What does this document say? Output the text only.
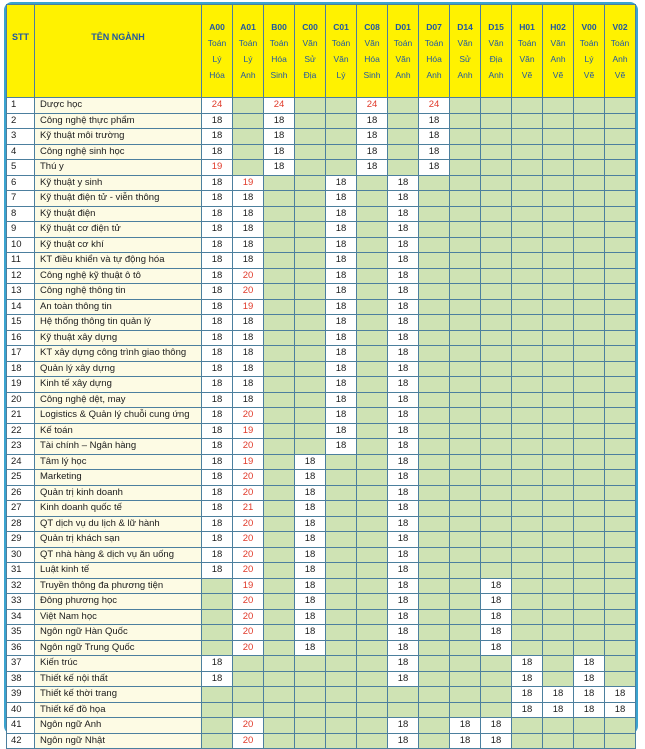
STT	TÊN NGÀNH	A00
Toán
Lý
Hóa	A01
Toán
Lý
Anh	B00
Toán
Hóa
Sinh	C00
Văn
Sử
Địa	C01
Toán
Văn
Lý	C08
Văn
Hóa
Sinh	D01
Toán
Văn
Anh	D07
Toán
Hóa
Anh	D14
Văn
Sử
Anh	D15
Văn
Địa
Anh	H01
Toán
Văn
Vẽ	H02
Văn
Anh
Vẽ	V00
Toán
Lý
Vẽ	V02
Toán
Anh
Vẽ

1	Dược học	24		24			24		24						
2	Công nghệ thực phẩm	18		18			18		18						
3	Kỹ thuật môi trường	18		18			18		18						
4	Công nghệ sinh học	18		18			18		18						
5	Thú y	19		18			18		18						
6	Kỹ thuật y sinh	18	19			18		18							
7	Kỹ thuật điện tử - viễn thông	18	18			18		18							
8	Kỹ thuật điện	18	18			18		18							
9	Kỹ thuật cơ điện tử	18	18			18		18							
10	Kỹ thuật cơ khí	18	18			18		18							
11	KT điều khiển và tự động hóa	18	18			18		18							
12	Công nghệ kỹ thuật ô tô	18	20			18		18							
13	Công nghệ thông tin	18	20			18		18							
14	An toàn thông tin	18	19			18		18							
15	Hệ thống thông tin quản lý	18	18			18		18							
16	Kỹ thuật xây dựng	18	18			18		18							
17	KT xây dựng công trình giao thông	18	18			18		18							
18	Quản lý xây dựng	18	18			18		18							
19	Kinh tế xây dựng	18	18			18		18							
20	Công nghệ dệt, may	18	18			18		18							
21	Logistics & Quản lý chuỗi cung ứng	18	20			18		18							
22	Kế toán	18	19			18		18							
23	Tài chính – Ngân hàng	18	20			18		18							
24	Tâm lý học	18	19		18			18							
25	Marketing	18	20		18			18							
26	Quản trị kinh doanh	18	20		18			18							
27	Kinh doanh quốc tế	18	21		18			18							
28	QT dịch vụ du lịch & lữ hành	18	20		18			18							
29	Quản trị khách sạn	18	20		18			18							
30	QT nhà hàng & dịch vụ ăn uống	18	20		18			18							
31	Luật kinh tế	18	20		18			18							
32	Truyền thông đa phương tiện		19		18			18			18				
33	Đông phương học		20		18			18			18				
34	Việt Nam học		20		18			18			18				
35	Ngôn ngữ Hàn Quốc		20		18			18			18				
36	Ngôn ngữ Trung Quốc		20		18			18			18				
37	Kiến trúc	18						18				18		18	
38	Thiết kế nội thất	18						18				18		18	
39	Thiết kế thời trang											18	18	18	18
40	Thiết kế đồ họa											18	18	18	18
41	Ngôn ngữ Anh		20					18		18	18				
42	Ngôn ngữ Nhật		20					18		18	18				
